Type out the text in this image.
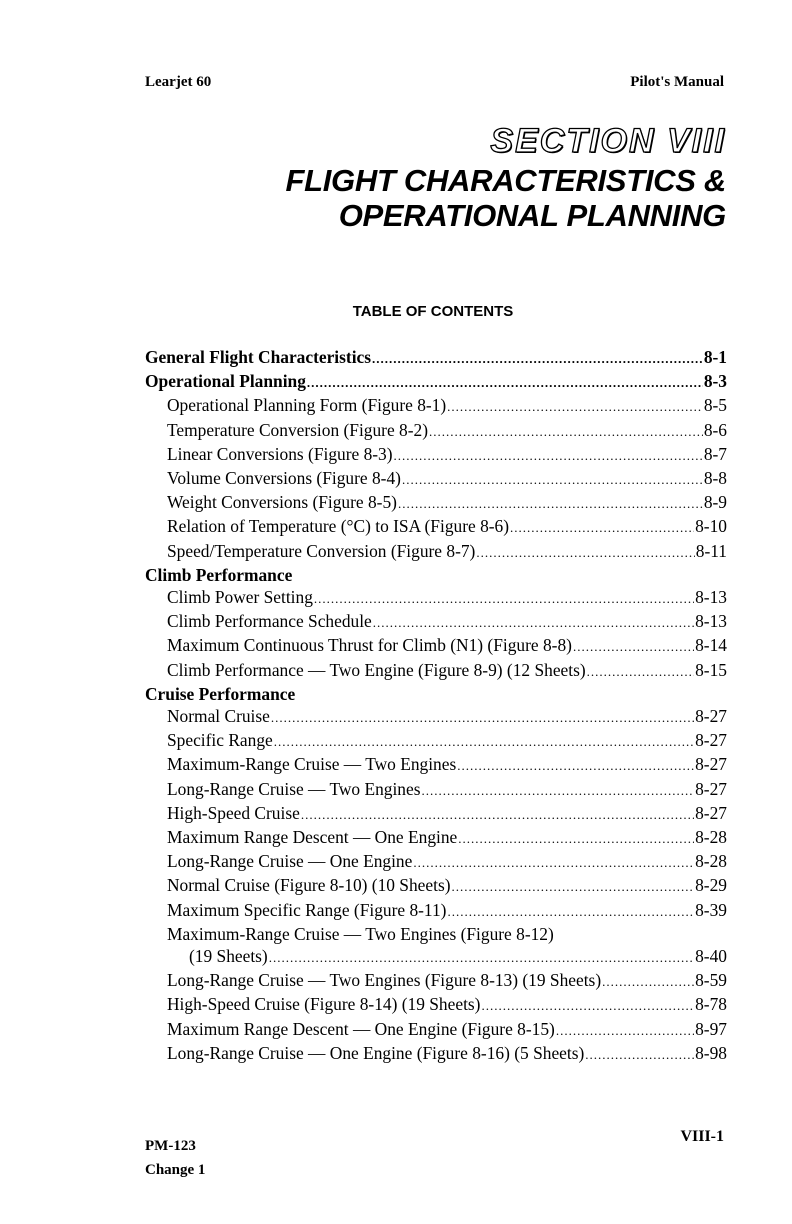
Learjet 60	Pilot's Manual
SECTION VIII
FLIGHT CHARACTERISTICS &
OPERATIONAL PLANNING
TABLE OF CONTENTS
General Flight Characteristics .....	8-1
Operational Planning .....	8-3
Operational Planning Form (Figure 8-1) .....	8-5
Temperature Conversion (Figure 8-2) .....	8-6
Linear Conversions (Figure 8-3) .....	8-7
Volume Conversions (Figure 8-4) .....	8-8
Weight Conversions (Figure 8-5) .....	8-9
Relation of Temperature (°C) to ISA (Figure 8-6) .....	8-10
Speed/Temperature Conversion (Figure 8-7) .....	8-11
Climb Performance
Climb Power Setting .....	8-13
Climb Performance Schedule .....	8-13
Maximum Continuous Thrust for Climb (N1) (Figure 8-8) .....	8-14
Climb Performance — Two Engine (Figure 8-9) (12 Sheets) .....	8-15
Cruise Performance
Normal Cruise .....	8-27
Specific Range .....	8-27
Maximum-Range Cruise — Two Engines .....	8-27
Long-Range Cruise — Two Engines .....	8-27
High-Speed Cruise .....	8-27
Maximum Range Descent — One Engine .....	8-28
Long-Range Cruise — One Engine .....	8-28
Normal Cruise (Figure 8-10) (10 Sheets) .....	8-29
Maximum Specific Range (Figure 8-11) .....	8-39
Maximum-Range Cruise — Two Engines (Figure 8-12)
(19 Sheets) .....	8-40
Long-Range Cruise — Two Engines (Figure 8-13) (19 Sheets) .....	8-59
High-Speed Cruise (Figure 8-14) (19 Sheets) .....	8-78
Maximum Range Descent — One Engine (Figure 8-15) .....	8-97
Long-Range Cruise — One Engine (Figure 8-16) (5 Sheets) .....	8-98
PM-123
Change 1
VIII-1
